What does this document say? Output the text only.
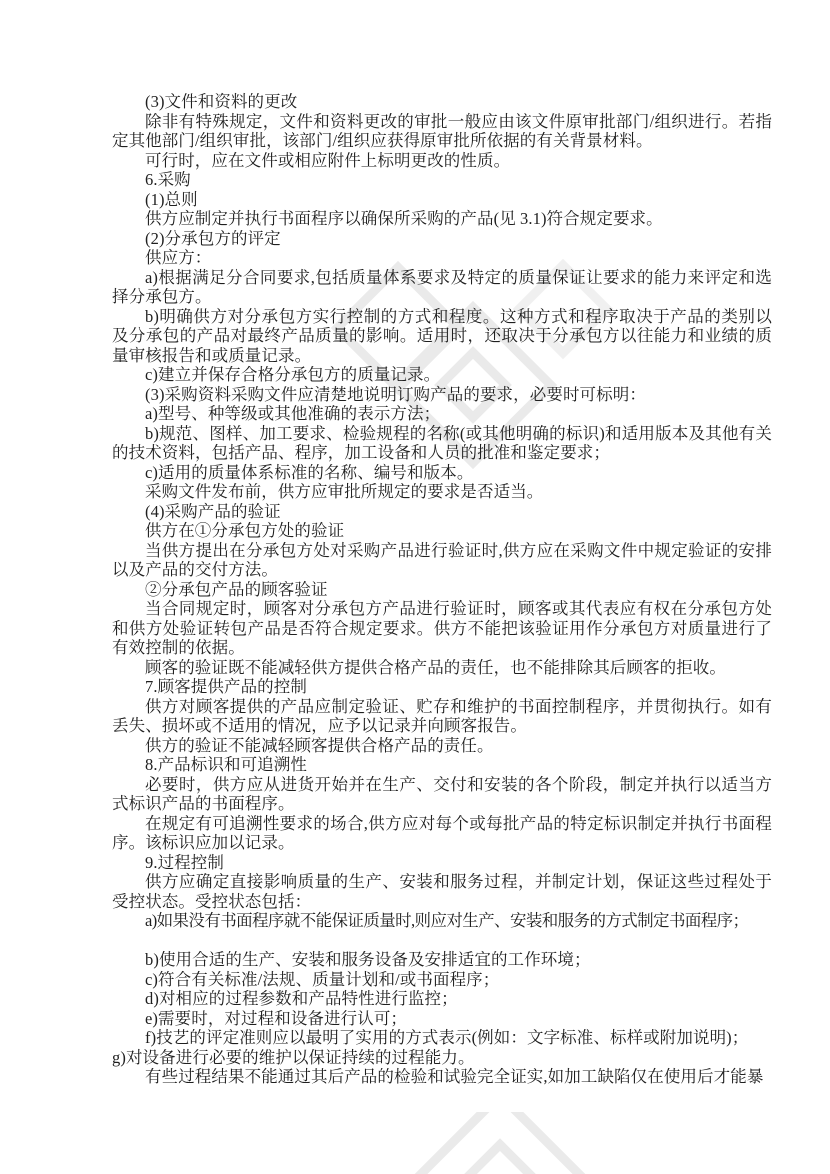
(3)文件和资料的更改

除非有特殊规定，文件和资料更改的审批一般应由该文件原审批部门/组织进行。若指定其他部门/组织审批，该部门/组织应获得原审批所依据的有关背景材料。

可行时，应在文件或相应附件上标明更改的性质。

6.采购

(1)总则

供方应制定并执行书面程序以确保所采购的产品(见 3.1)符合规定要求。

(2)分承包方的评定

供应方：

a)根据满足分合同要求,包括质量体系要求及特定的质量保证让要求的能力来评定和选择分承包方。

b)明确供方对分承包方实行控制的方式和程度。这种方式和程序取决于产品的类别以及分承包的产品对最终产品质量的影响。适用时，还取决于分承包方以往能力和业绩的质量审核报告和或质量记录。

c)建立并保存合格分承包方的质量记录。

(3)采购资料采购文件应清楚地说明订购产品的要求，必要时可标明：

a)型号、种等级或其他准确的表示方法；

b)规范、图样、加工要求、检验规程的名称(或其他明确的标识)和适用版本及其他有关的技术资料，包括产品、程序，加工设备和人员的批准和鉴定要求；

c)适用的质量体系标准的名称、编号和版本。

采购文件发布前，供方应审批所规定的要求是否适当。

(4)采购产品的验证

供方在①分承包方处的验证

当供方提出在分承包方处对采购产品进行验证时,供方应在采购文件中规定验证的安排以及产品的交付方法。

②分承包产品的顾客验证

当合同规定时，顾客对分承包方产品进行验证时，顾客或其代表应有权在分承包方处和供方处验证转包产品是否符合规定要求。供方不能把该验证用作分承包方对质量进行了有效控制的依据。

顾客的验证既不能减轻供方提供合格产品的责任，也不能排除其后顾客的拒收。

7.顾客提供产品的控制

供方对顾客提供的产品应制定验证、贮存和维护的书面控制程序，并贯彻执行。如有丢失、损坏或不适用的情况，应予以记录并向顾客报告。

供方的验证不能减轻顾客提供合格产品的责任。

8.产品标识和可追溯性

必要时，供方应从进货开始并在生产、交付和安装的各个阶段，制定并执行以适当方式标识产品的书面程序。

在规定有可追溯性要求的场合,供方应对每个或每批产品的特定标识制定并执行书面程序。该标识应加以记录。

9.过程控制

供方应确定直接影响质量的生产、安装和服务过程，并制定计划，保证这些过程处于受控状态。受控状态包括：

a)如果没有书面程序就不能保证质量时,则应对生产、安装和服务的方式制定书面程序；

b)使用合适的生产、安装和服务设备及安排适宜的工作环境；

c)符合有关标准/法规、质量计划和/或书面程序；

d)对相应的过程参数和产品特性进行监控；

e)需要时，对过程和设备进行认可；

f)技艺的评定准则应以最明了实用的方式表示(例如：文字标准、标样或附加说明)；

g)对设备进行必要的维护以保证持续的过程能力。

有些过程结果不能通过其后产品的检验和试验完全证实,如加工缺陷仅在使用后才能暴
